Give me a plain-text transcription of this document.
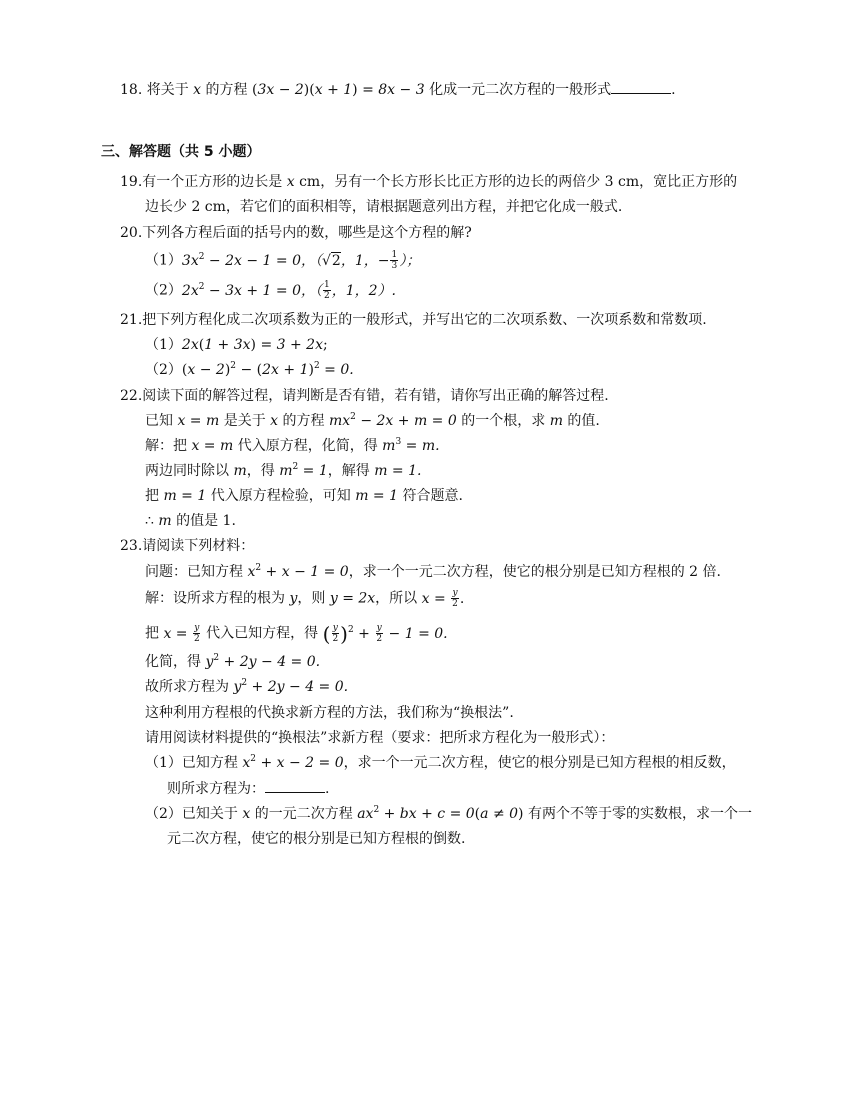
18. 将关于 x 的方程 (3x − 2)(x + 1) = 8x − 3 化成一元二次方程的一般形式	.
三、解答题（共 5 小题）
19.有一个正方形的边长是 x cm，另有一个长方形长比正方形的边长的两倍少 3 cm，宽比正方形的
边长少 2 cm，若它们的面积相等，请根据题意列出方程，并把它化成一般式.
20.下列各方程后面的括号内的数，哪些是这个方程的解?
$(1)3x^2 - 2x - 1 = 0$，（√2，1，− $\frac{1}{3}$ ）；
$(2)2x^2 - 3x + 1 = 0$，（ $\frac{1}{2}$ ，1，2）.
21.把下列方程化成二次项系数为正的一般形式，并写出它的二次项系数、一次项系数和常数项.
（1）2x(1 + 3x) = 3 + 2x;
$(2)(x - 2)^2 - (2x + 1)^2 = 0$.
22.阅读下面的解答过程，请判断是否有错，若有错，请你写出正确的解答过程.
已知 x = m 是关于 x 的方程 $mx^2 - 2x + m = 0$ 的一个根，求 m 的值.
解：把 x = m 代入原方程，化简，得 $m^3 = m$.
两边同时除以 m，得 $m^2 = 1$，解得 m = 1.
把 m = 1 代入原方程检验，可知 m = 1 符合题意.
∴ m 的值是 1.
23.请阅读下列材料：
问题：已知方程 $x^2 + x - 1 = 0$，求一个一元二次方程，使它的根分别是已知方程根的 2 倍.
解：设所求方程的根为 y，则 y = 2x，所以 $x = \frac{y}{2}$ .
把 $x = \frac{y}{2}$ 代入已知方程，得 ( $\frac{y}{2} )^2 + \frac{y}{2} - 1 = 0$.
化简，得 $y^2 + 2y - 4 = 0$.
故所求方程为 $y^2 + 2y - 4 = 0$.
这种利用方程根的代换求新方程的方法，我们称为“换根法”.
请用阅读材料提供的“换根法”求新方程（要求：把所求方程化为一般形式）：
（1）已知方程 $x^2 + x - 2 = 0$，求一个一元二次方程，使它的根分别是已知方程根的相反数，
则所求方程为：	.
（2）已知关于 x 的一元二次方程 $ax^2$ + bx + c = 0(a ≠ 0) 有两个不等于零的实数根，求一个一
元二次方程，使它的根分别是已知方程根的倒数.
